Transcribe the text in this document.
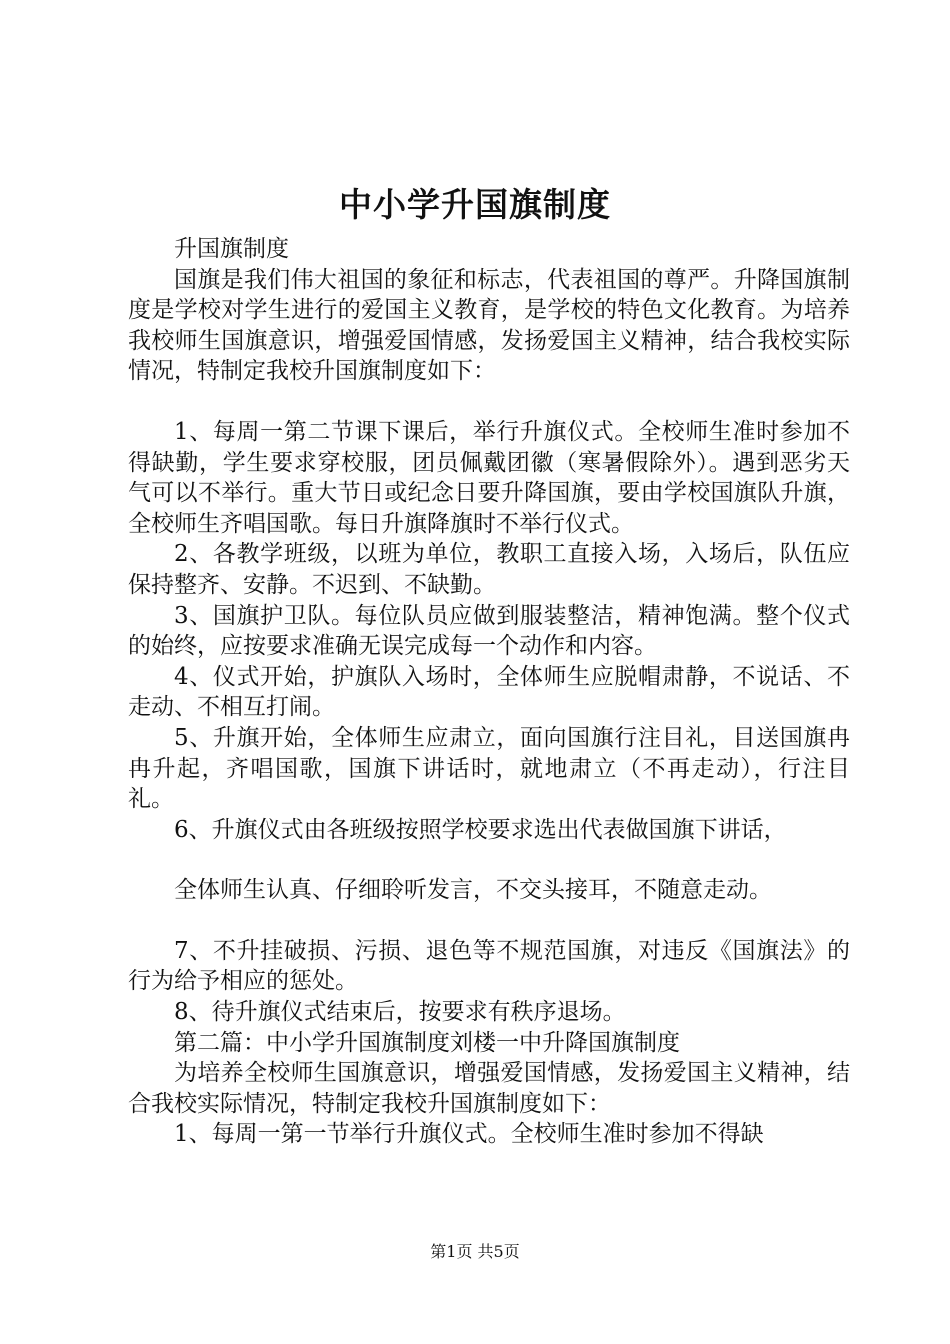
中小学升国旗制度

升国旗制度

国旗是我们伟大祖国的象征和标志，代表祖国的尊严。升降国旗制度是学校对学生进行的爱国主义教育，是学校的特色文化教育。为培养我校师生国旗意识，增强爱国情感，发扬爱国主义精神，结合我校实际情况，特制定我校升国旗制度如下：

1、每周一第二节课下课后，举行升旗仪式。全校师生准时参加不得缺勤，学生要求穿校服，团员佩戴团徽（寒暑假除外）。遇到恶劣天气可以不举行。重大节日或纪念日要升降国旗，要由学校国旗队升旗，全校师生齐唱国歌。每日升旗降旗时不举行仪式。

2、各教学班级，以班为单位，教职工直接入场，入场后，队伍应保持整齐、安静。不迟到、不缺勤。

3、国旗护卫队。每位队员应做到服装整洁，精神饱满。整个仪式的始终，应按要求准确无误完成每一个动作和内容。

4、仪式开始，护旗队入场时，全体师生应脱帽肃静，不说话、不走动、不相互打闹。

5、升旗开始，全体师生应肃立，面向国旗行注目礼，目送国旗冉冉升起，齐唱国歌，国旗下讲话时，就地肃立（不再走动），行注目礼。

6、升旗仪式由各班级按照学校要求选出代表做国旗下讲话，

全体师生认真、仔细聆听发言，不交头接耳，不随意走动。

7、不升挂破损、污损、退色等不规范国旗，对违反《国旗法》的行为给予相应的惩处。

8、待升旗仪式结束后，按要求有秩序退场。

第二篇：中小学升国旗制度刘楼一中升降国旗制度

为培养全校师生国旗意识，增强爱国情感，发扬爱国主义精神，结合我校实际情况，特制定我校升国旗制度如下：

1、每周一第一节举行升旗仪式。全校师生准时参加不得缺

第1页 共5页
